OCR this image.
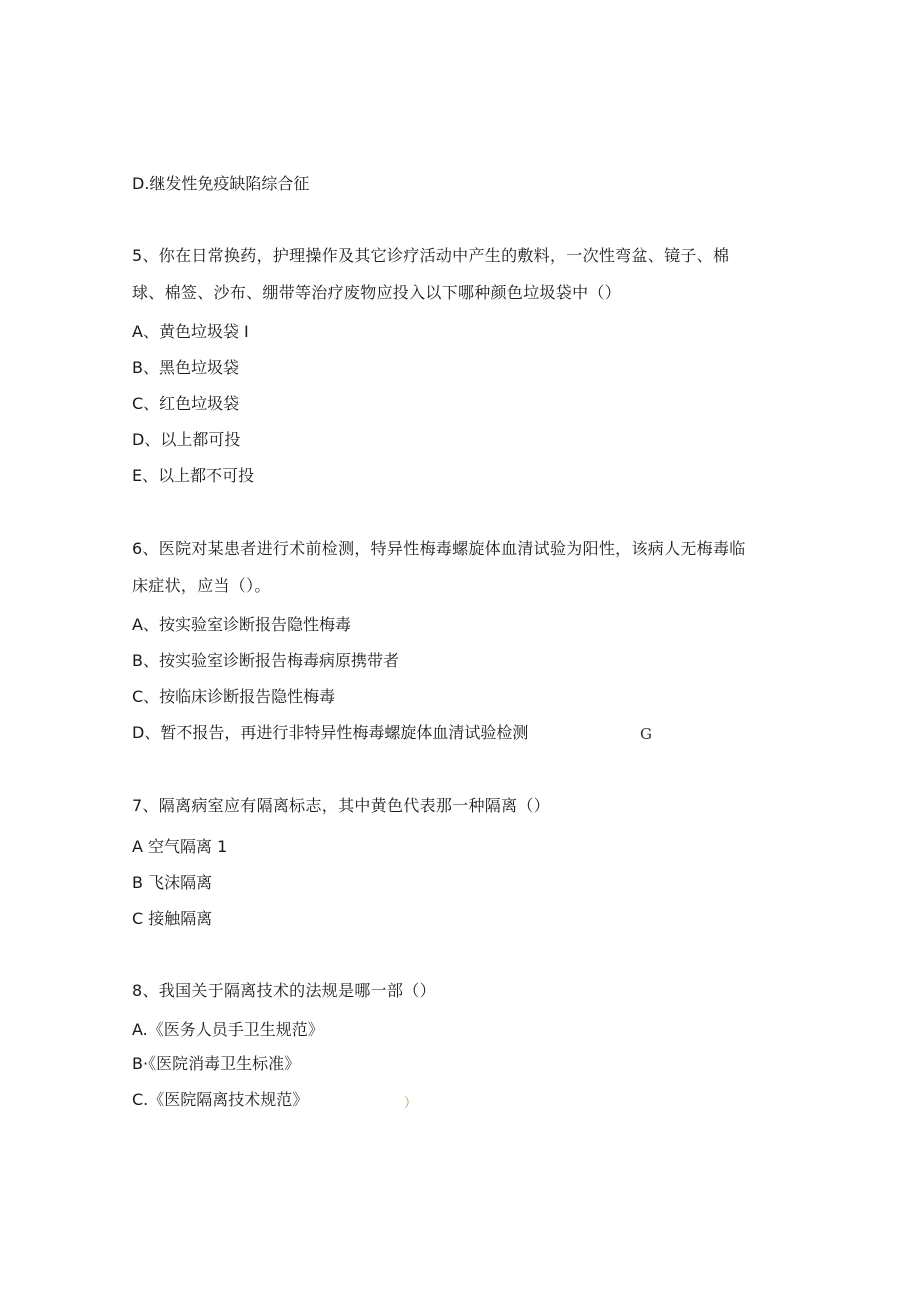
D.继发性免疫缺陷综合征

5、你在日常换药，护理操作及其它诊疗活动中产生的敷料，一次性弯盆、镜子、棉

球、棉签、沙布、绷带等治疗废物应投入以下哪种颜色垃圾袋中（）

A、黄色垃圾袋 I

B、黑色垃圾袋

C、红色垃圾袋

D、以上都可投

E、以上都不可投

6、医院对某患者进行术前检测，特异性梅毒螺旋体血清试验为阳性，该病人无梅毒临

床症状，应当（）。

A、按实验室诊断报告隐性梅毒

B、按实验室诊断报告梅毒病原携带者

C、按临床诊断报告隐性梅毒

D、暂不报告，再进行非特异性梅毒螺旋体血清试验检测	G

7、隔离病室应有隔离标志，其中黄色代表那一种隔离（）

A 空气隔离 1

B 飞沫隔离

C 接触隔离

8、我国关于隔离技术的法规是哪一部（）

A.《医务人员手卫生规范》

B·《医院消毒卫生标准》

C.《医院隔离技术规范》	）
